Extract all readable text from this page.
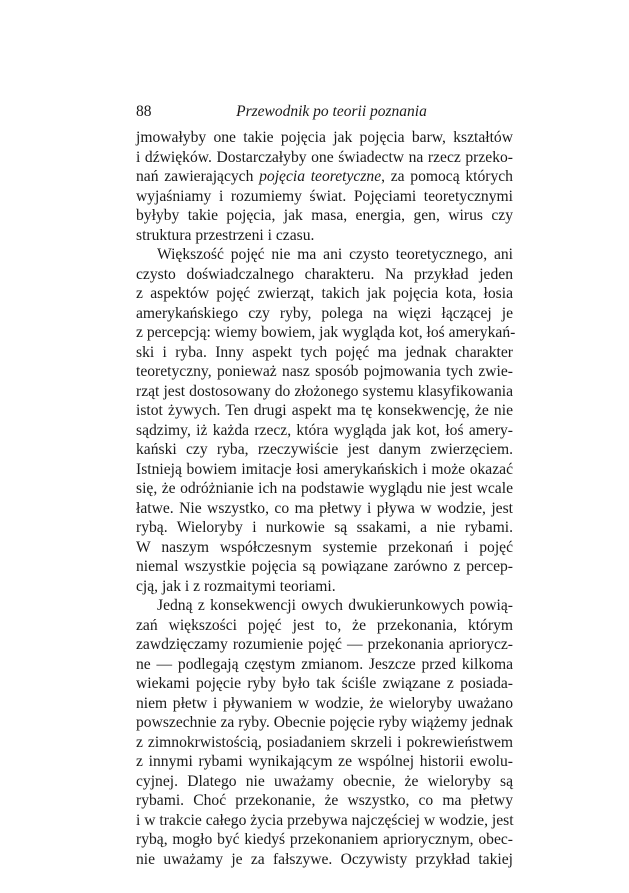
88	Przewodnik po teorii poznania
jmowałyby one takie pojęcia jak pojęcia barw, kształtów
i dźwięków. Dostarczałyby one świadectw na rzecz przeko-
nań zawierających pojęcia teoretyczne, za pomocą których
wyjaśniamy i rozumiemy świat. Pojęciami teoretycznymi
byłyby takie pojęcia, jak masa, energia, gen, wirus czy
struktura przestrzeni i czasu.
Większość pojęć nie ma ani czysto teoretycznego, ani
czysto doświadczalnego charakteru. Na przykład jeden
z aspektów pojęć zwierząt, takich jak pojęcia kota, łosia
amerykańskiego czy ryby, polega na więzi łączącej je
z percepcją: wiemy bowiem, jak wygląda kot, łoś amerykań-
ski i ryba. Inny aspekt tych pojęć ma jednak charakter
teoretyczny, ponieważ nasz sposób pojmowania tych zwie-
rząt jest dostosowany do złożonego systemu klasyfikowania
istot żywych. Ten drugi aspekt ma tę konsekwencję, że nie
sądzimy, iż każda rzecz, która wygląda jak kot, łoś amery-
kański czy ryba, rzeczywiście jest danym zwierzęciem.
Istnieją bowiem imitacje łosi amerykańskich i może okazać
się, że odróżnianie ich na podstawie wyglądu nie jest wcale
łatwe. Nie wszystko, co ma płetwy i pływa w wodzie, jest
rybą. Wieloryby i nurkowie są ssakami, a nie rybami.
W naszym współczesnym systemie przekonań i pojęć
niemal wszystkie pojęcia są powiązane zarówno z percep-
cją, jak i z rozmaitymi teoriami.
Jedną z konsekwencji owych dwukierunkowych powią-
zań większości pojęć jest to, że przekonania, którym
zawdzięczamy rozumienie pojęć — przekonania apriorycz-
ne — podlegają częstym zmianom. Jeszcze przed kilkoma
wiekami pojęcie ryby było tak ściśle związane z posiada-
niem płetw i pływaniem w wodzie, że wieloryby uważano
powszechnie za ryby. Obecnie pojęcie ryby wiążemy jednak
z zimnokrwistością, posiadaniem skrzeli i pokrewieństwem
z innymi rybami wynikającym ze wspólnej historii ewolu-
cyjnej. Dlatego nie uważamy obecnie, że wieloryby są
rybami. Choć przekonanie, że wszystko, co ma płetwy
i w trakcie całego życia przebywa najczęściej w wodzie, jest
rybą, mogło być kiedyś przekonaniem apriorycznym, obec-
nie uważamy je za fałszywe. Oczywisty przykład takiej
